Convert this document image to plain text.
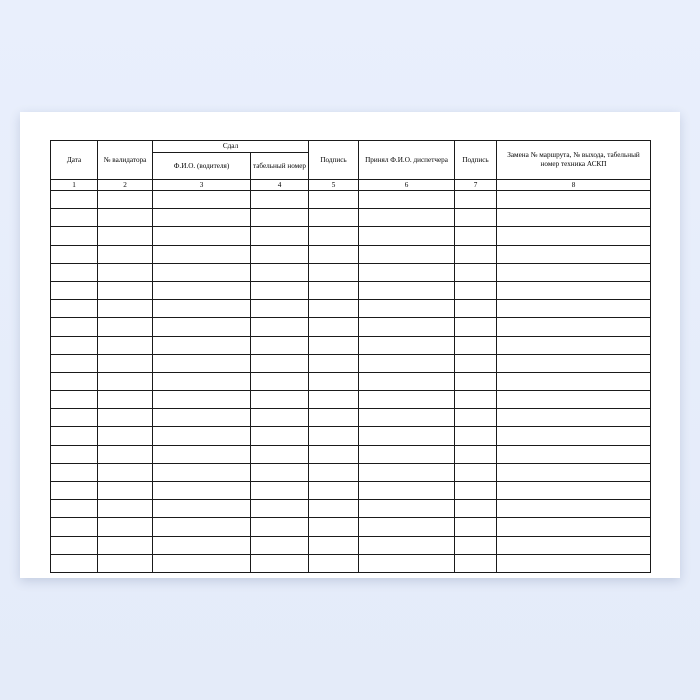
Дата	№ валидатора	Сдал		Подпись	Принял Ф.И.О. диспетчера	Подпись	Замена № маршрута, № выхода, табельный номер техника АСКП

		Ф.И.О. (водителя)	табельный номер				

1	2	3	4	5	6	7	8
